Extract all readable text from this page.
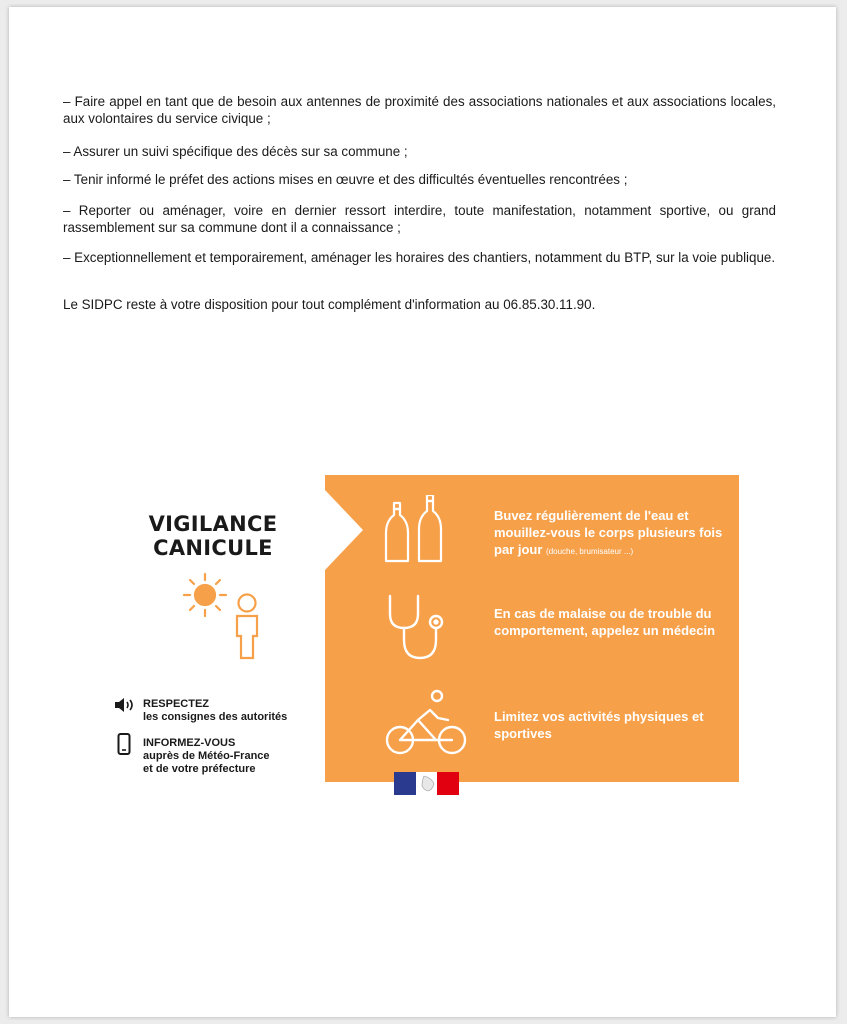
– Faire appel en tant que de besoin aux antennes de proximité des associations nationales et aux associations locales, aux volontaires du service civique ;

– Assurer un suivi spécifique des décès sur sa commune ;

– Tenir informé le préfet des actions mises en œuvre et des difficultés éventuelles rencontrées ;

– Reporter ou aménager, voire en dernier ressort interdire, toute manifestation, notamment sportive, ou grand rassemblement sur sa commune dont il a connaissance ;

– Exceptionnellement et temporairement, aménager les horaires des chantiers, notamment du BTP, sur la voie publique.

Le SIDPC reste à votre disposition pour tout complément d'information au 06.85.30.11.90.

VIGILANCE
CANICULE
RESPECTEZ
les consignes des autorités
INFORMEZ-VOUS
auprès de Météo-France
et de votre préfecture
Buvez régulièrement de l'eau et mouillez-vous le corps plusieurs fois par jour (douche, brumisateur ...)
En cas de malaise ou de trouble du comportement, appelez un médecin
Limitez vos activités physiques et sportives
